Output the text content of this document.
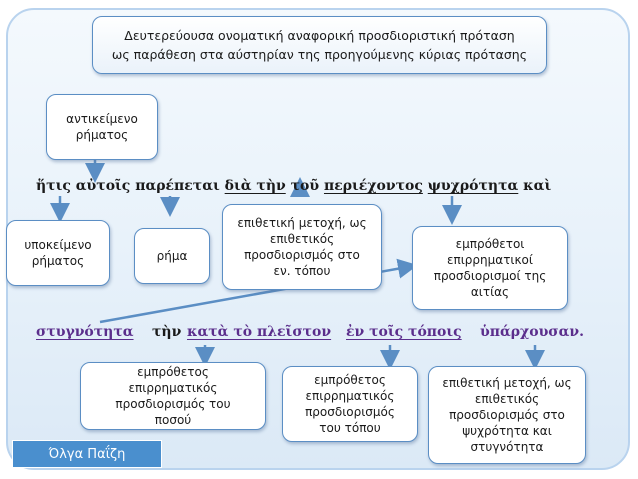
Δευτερεύουσα ονοματική αναφορική προσδιοριστική πρόταση
ως παράθεση στα αύστηρίαν της προηγούμενης κύριας πρότασης
αντικείμενο
ρήματος
ἥτις αὐτοῖς παρέπεται διὰ τὴν τοῦ περιέχοντος ψυχρότητα καὶ
υποκείμενο
ρήματος	ρήμα
επιθετική μετοχή, ως
επιθετικός
προσδιορισμός στο
εν. τόπου
εμπρόθετοι
επιρρηματικοί
προσδιορισμοί της
αιτίας
στυγνότητα τὴν κατὰ τὸ πλεῖστον ἐν τοῖς τόποις ὑπάρχουσαν.
εμπρόθετος
επιρρηματικός
προσδιορισμός του
ποσού
εμπρόθετος
επιρρηματικός
προσδιορισμός
του τόπου
επιθετική μετοχή, ως
επιθετικός
προσδιορισμός στο
ψυχρότητα και
στυγνότητα
Όλγα Παΐζη
